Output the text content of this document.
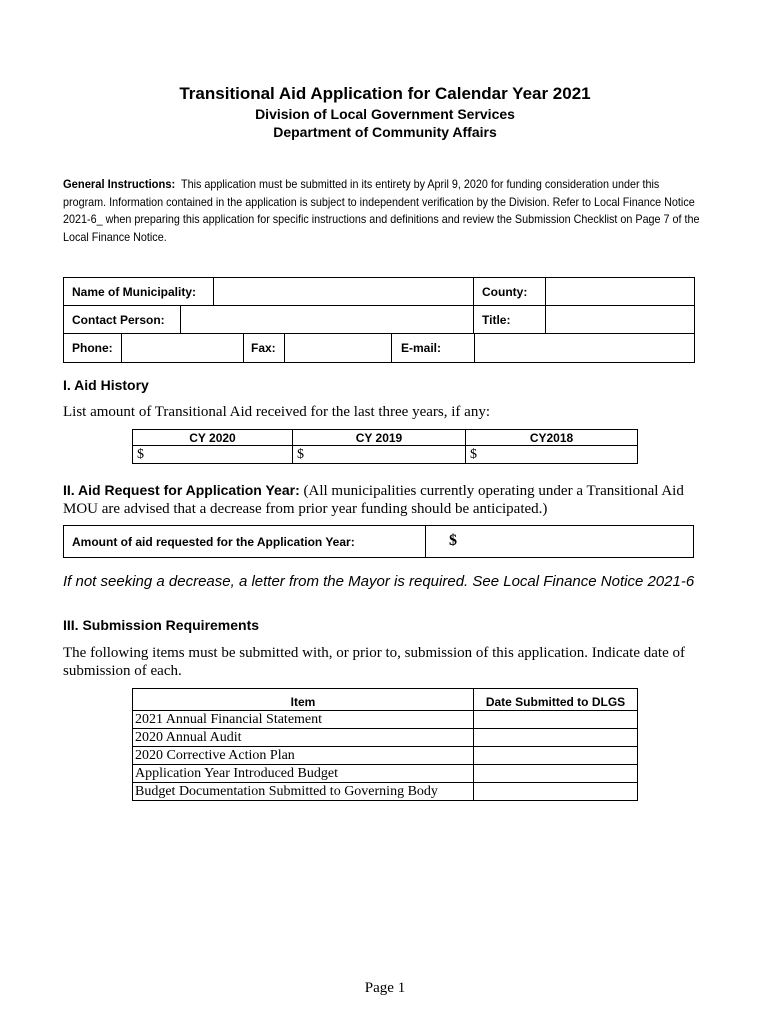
Transitional Aid Application for Calendar Year 2021
Division of Local Government Services
Department of Community Affairs
General Instructions: This application must be submitted in its entirety by April 9, 2020 for funding consideration under this program. Information contained in the application is subject to independent verification by the Division. Refer to Local Finance Notice 2021-6_ when preparing this application for specific instructions and definitions and review the Submission Checklist on Page 7 of the Local Finance Notice.
Name of Municipality:	County:
Contact Person:	Title:
Phone:	Fax:	E-mail:
I. Aid History
List amount of Transitional Aid received for the last three years, if any:
CY 2020	CY 2019	CY2018
$	$	$
II. Aid Request for Application Year: (All municipalities currently operating under a Transitional Aid MOU are advised that a decrease from prior year funding should be anticipated.)
Amount of aid requested for the Application Year:	$
If not seeking a decrease, a letter from the Mayor is required. See Local Finance Notice 2021-6
III. Submission Requirements
The following items must be submitted with, or prior to, submission of this application. Indicate date of submission of each.
Item	Date Submitted to DLGS
2021 Annual Financial Statement	
2020 Annual Audit	
2020 Corrective Action Plan	
Application Year Introduced Budget	
Budget Documentation Submitted to Governing Body	
Page 1
